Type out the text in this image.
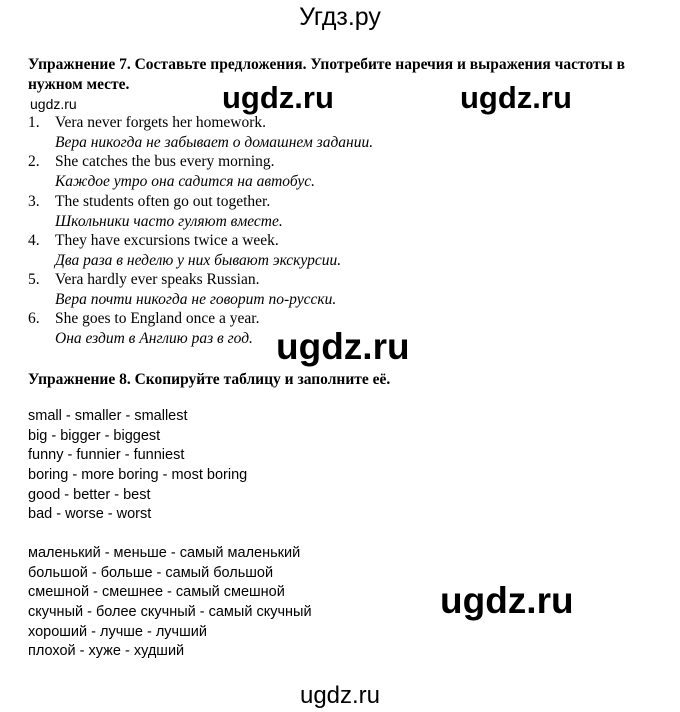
Угдз.ру
Упражнение 7. Составьте предложения. Употребите наречия и выражения частоты в нужном месте.
1. Vera never forgets her homework.
Вера никогда не забывает о домашнем задании.
2. She catches the bus every morning.
Каждое утро она садится на автобус.
3. The students often go out together.
Школьники часто гуляют вместе.
4. They have excursions twice a week.
Два раза в неделю у них бывают экскурсии.
5. Vera hardly ever speaks Russian.
Вера почти никогда не говорит по-русски.
6. She goes to England once a year.
Она ездит в Англию раз в год.
Упражнение 8. Скопируйте таблицу и заполните её.
small - smaller - smallest
big - bigger - biggest
funny - funnier - funniest
boring - more boring - most boring
good - better - best
bad - worse - worst
маленький - меньше - самый маленький
большой - больше - самый большой
смешной - смешнее - самый смешной
скучный - более скучный - самый скучный
хороший - лучше - лучший
плохой - хуже - худший
ugdz.ru	ugdz.ru	ugdz.ru
ugdz.ru
ugdz.ru
ugdz.ru
